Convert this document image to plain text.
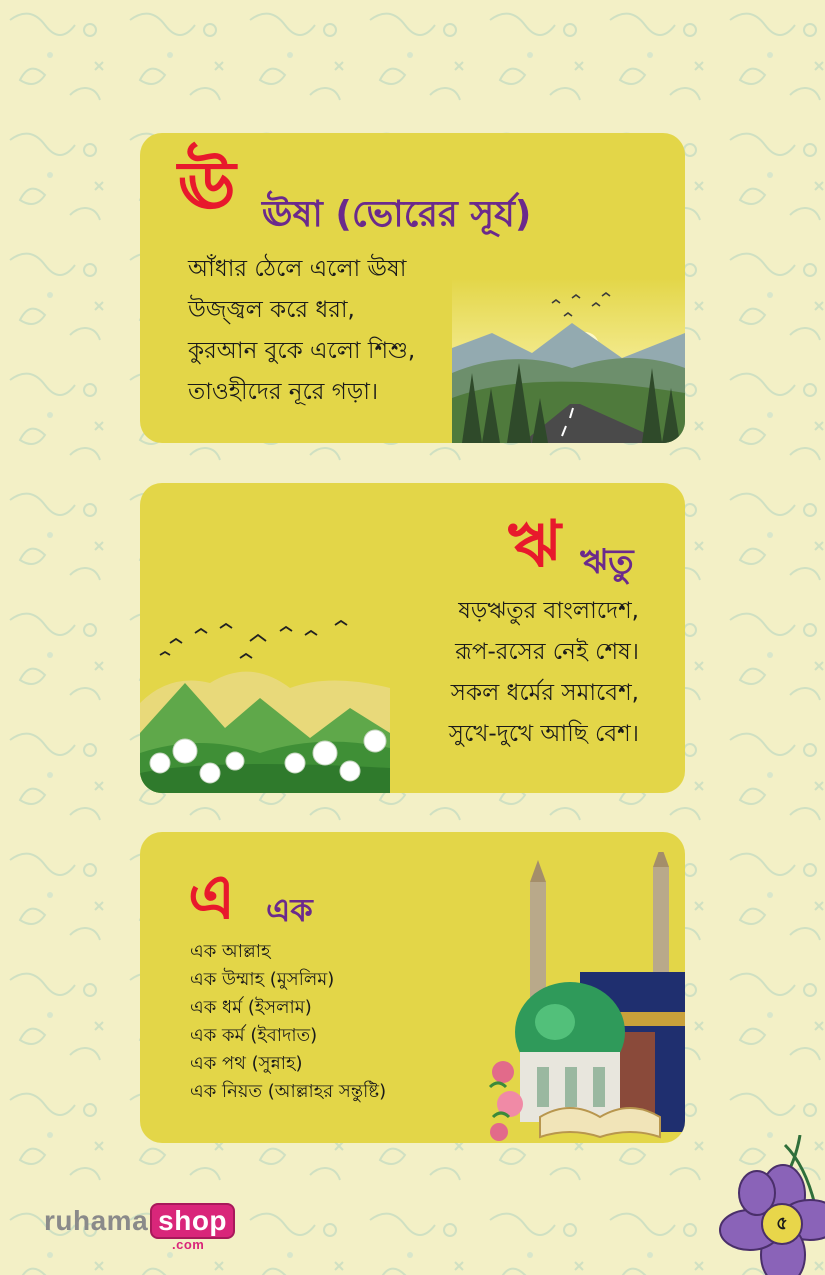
ঊ ঊষা (ভোরের সূর্য)
আঁধার ঠেলে এলো ঊষা
উজ্জ্বল করে ধরা,
কুরআন বুকে এলো শিশু,
তাওহীদের নূরে গড়া।
ঋ ঋতু
ষড়ঋতুর বাংলাদেশ,
রূপ-রসের নেই শেষ।
সকল ধর্মের সমাবেশ,
সুখে-দুখে আছি বেশ।
এ এক
এক আল্লাহ
এক উম্মাহ (মুসলিম)
এক ধর্ম (ইসলাম)
এক কর্ম (ইবাদাত)
এক পথ (সুন্নাহ)
এক নিয়ত (আল্লাহর সন্তুষ্টি)
ruhama shop
.com
৫
